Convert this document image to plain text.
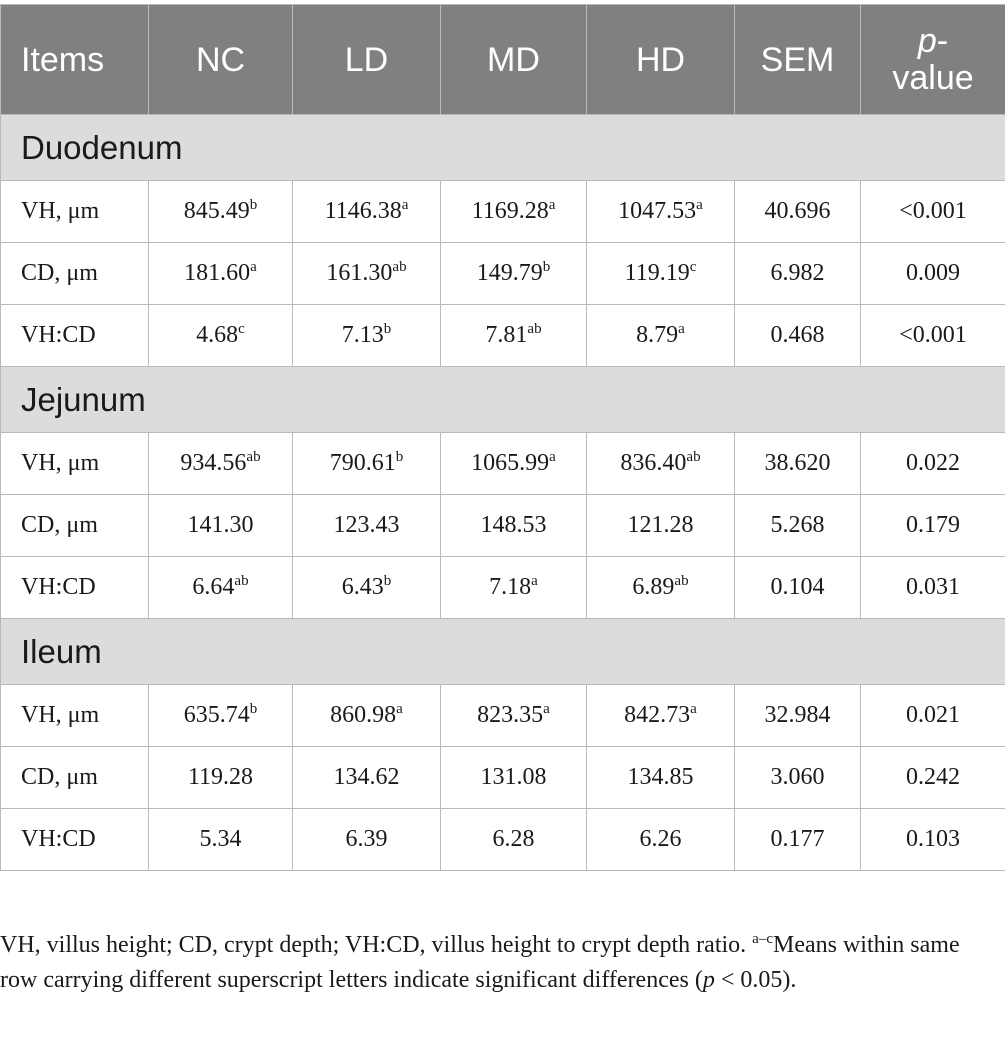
Items	NC	LD	MD	HD	SEM	p-
value
Duodenum						
VH, μm	845.49$^b$	1146.38$^a$	1169.28$^a$	1047.53$^a$	40.696	<0.001
CD, μm	181.60$^a$	161.30$^{ab}$	149.79$^b$	119.19$^c$	6.982	0.009
VH:CD	4.68$^c$	7.13$^b$	7.81$^{ab}$	8.79$^a$	0.468	<0.001
Jejunum						
VH, μm	934.56$^{ab}$	790.61$^b$	1065.99$^a$	836.40$^{ab}$	38.620	0.022
CD, μm	141.30	123.43	148.53	121.28	5.268	0.179
VH:CD	6.64$^{ab}$	6.43$^b$	7.18$^a$	6.89$^{ab}$	0.104	0.031
Ileum						
VH, μm	635.74$^b$	860.98$^a$	823.35$^a$	842.73$^a$	32.984	0.021
CD, μm	119.28	134.62	131.08	134.85	3.060	0.242
VH:CD	5.34	6.39	6.28	6.26	0.177	0.103
VH, villus height; CD, crypt depth; VH:CD, villus height to crypt depth ratio. $^{a-c}$Means within same row carrying different superscript letters indicate significant differences (p < 0.05).
